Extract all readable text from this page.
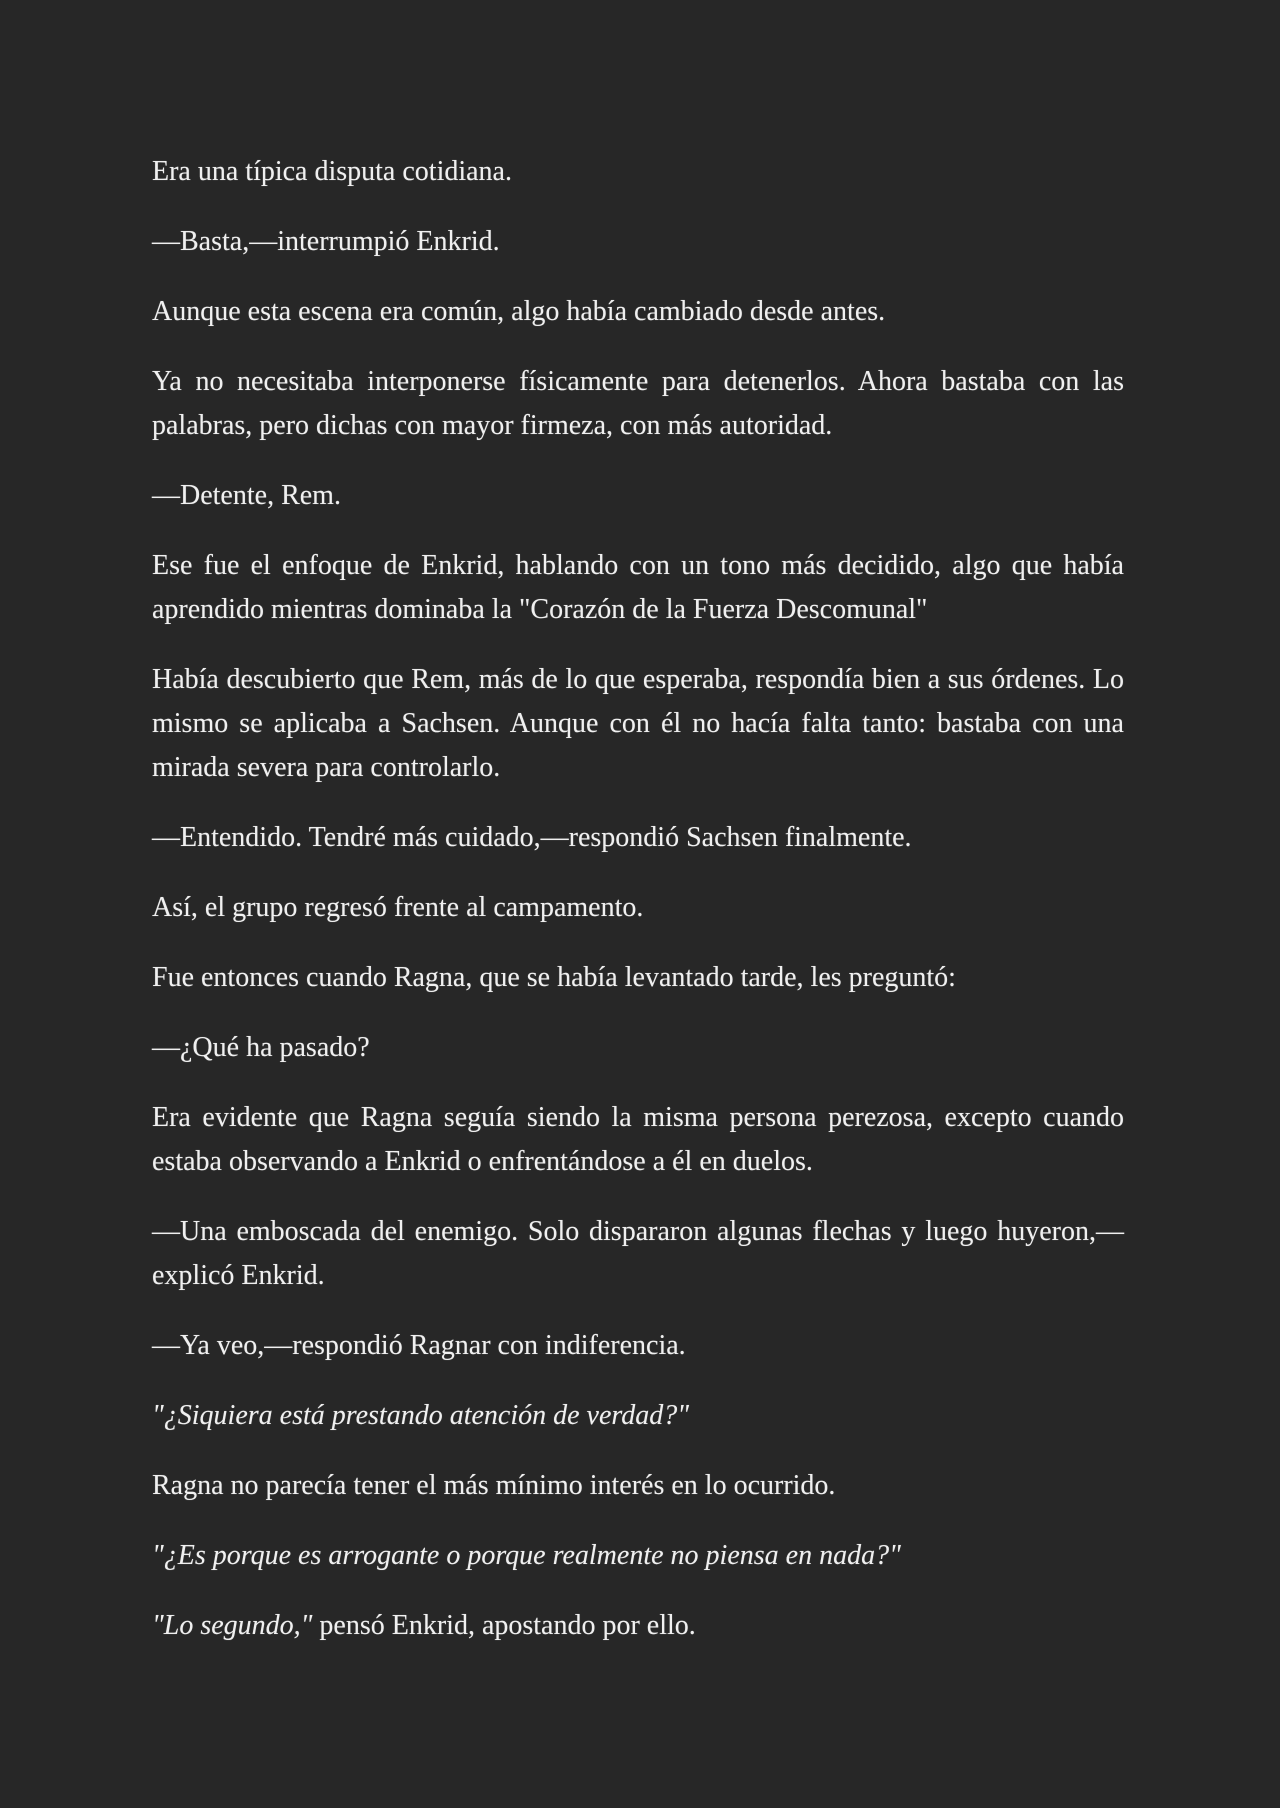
Era una típica disputa cotidiana.

—Basta,—interrumpió Enkrid.

Aunque esta escena era común, algo había cambiado desde antes.

Ya no necesitaba interponerse físicamente para detenerlos. Ahora bastaba con las palabras, pero dichas con mayor firmeza, con más autoridad.

—Detente, Rem.

Ese fue el enfoque de Enkrid, hablando con un tono más decidido, algo que había aprendido mientras dominaba la "Corazón de la Fuerza Descomunal"

Había descubierto que Rem, más de lo que esperaba, respondía bien a sus órdenes. Lo mismo se aplicaba a Sachsen. Aunque con él no hacía falta tanto: bastaba con una mirada severa para controlarlo.

—Entendido. Tendré más cuidado,—respondió Sachsen finalmente.

Así, el grupo regresó frente al campamento.

Fue entonces cuando Ragna, que se había levantado tarde, les preguntó:

—¿Qué ha pasado?

Era evidente que Ragna seguía siendo la misma persona perezosa, excepto cuando estaba observando a Enkrid o enfrentándose a él en duelos.

—Una emboscada del enemigo. Solo dispararon algunas flechas y luego huyeron,— explicó Enkrid.

—Ya veo,—respondió Ragnar con indiferencia.

"¿Siquiera está prestando atención de verdad?"

Ragna no parecía tener el más mínimo interés en lo ocurrido.

"¿Es porque es arrogante o porque realmente no piensa en nada?"

"Lo segundo," pensó Enkrid, apostando por ello.
